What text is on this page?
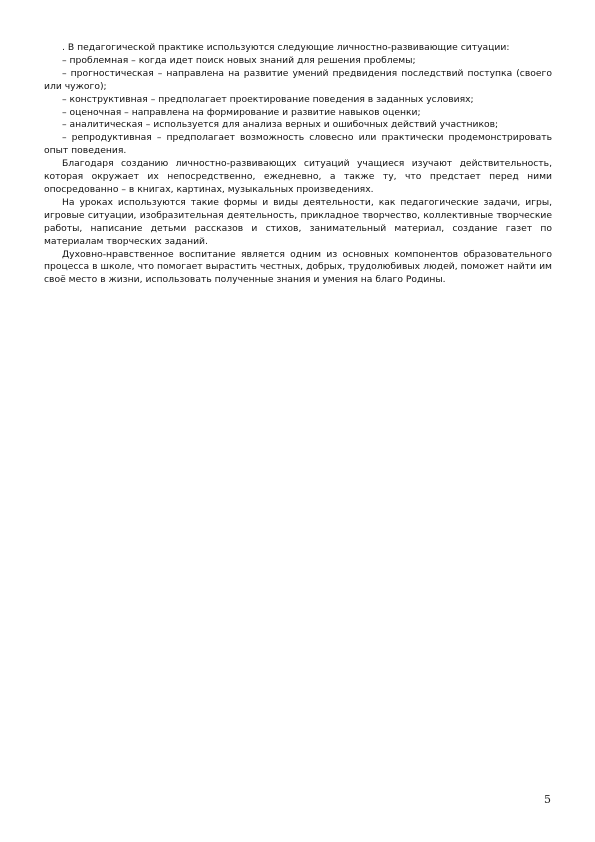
. В педагогической практике используются следующие личностно-развивающие ситуации:

– проблемная – когда идет поиск новых знаний для решения проблемы;

– прогностическая – направлена на развитие умений предвидения последствий поступка (своего или чужого);

– конструктивная – предполагает проектирование поведения в заданных условиях;

– оценочная – направлена на формирование и развитие навыков оценки;

– аналитическая – используется для анализа верных и ошибочных действий участников;

– репродуктивная – предполагает возможность словесно или практически продемонстрировать опыт поведения.

Благодаря созданию личностно-развивающих ситуаций учащиеся изучают действительность, которая окружает их непосредственно, ежедневно, а также ту, что предстает перед ними опосредованно – в книгах, картинах, музыкальных произведениях.

На уроках используются такие формы и виды деятельности, как педагогические задачи, игры, игровые ситуации, изобразительная деятельность, прикладное творчество, коллективные творческие работы, написание детьми рассказов и стихов, занимательный материал, создание газет по материалам творческих заданий.

Духовно-нравственное воспитание является одним из основных компонентов образовательного процесса в школе, что помогает вырастить честных, добрых, трудолюбивых людей, поможет найти им своё место в жизни, использовать полученные знания и умения на благо Родины.

5
